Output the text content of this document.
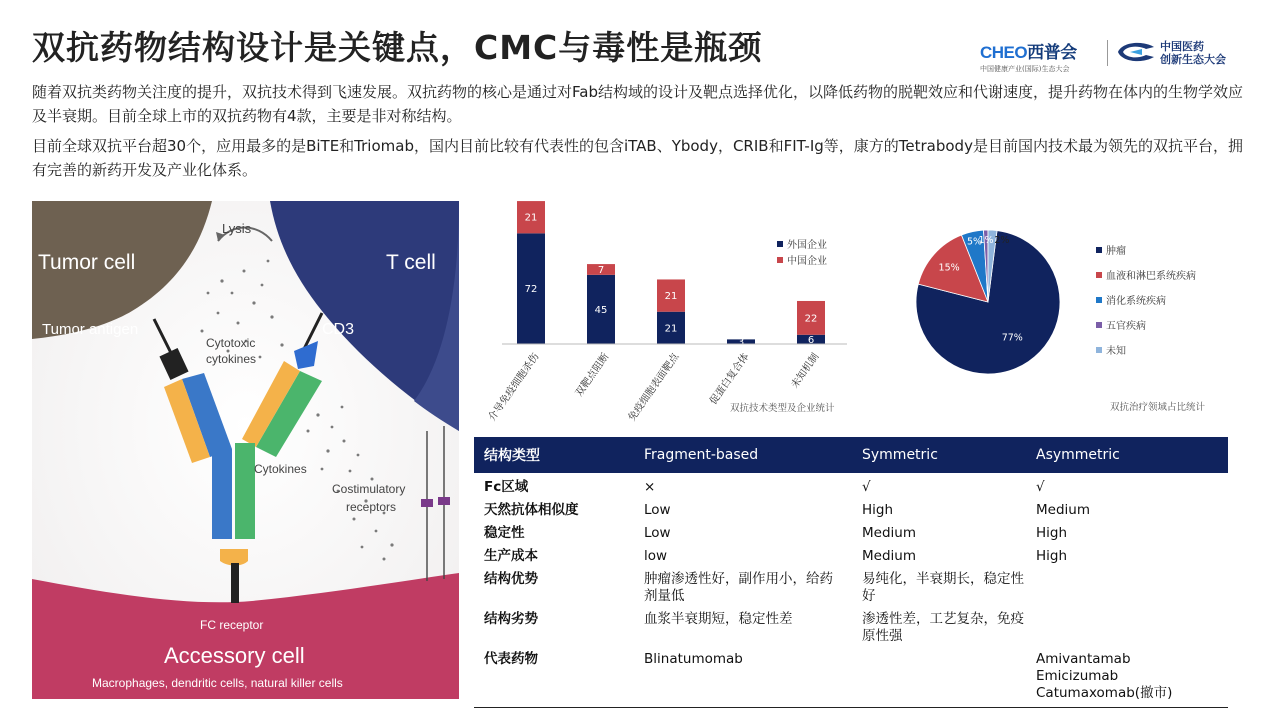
双抗药物结构设计是关键点，CMC与毒性是瓶颈	CHEO西普会
中国健康产业(国际)生态大会
中国医药
创新生态大会
随着双抗类药物关注度的提升，双抗技术得到飞速发展。双抗药物的核心是通过对Fab结构域的设计及靶点选择优化，以降低药物的脱靶效应和代谢速度，提升药物在体内的生物学效应及半衰期。目前全球上市的双抗药物有4款，主要是非对称结构。
目前全球双抗平台超30个，应用最多的是BiTE和Triomab，国内目前比较有代表性的包含iTAB、Ybody，CRIB和FIT-Ig等，康方的Tetrabody是目前国内技术最为领先的双抗平台，拥有完善的新药开发及产业化体系。
Tumor cell	T cell
Lysis
Tumor antigen	CD3
Cytotoxic
cytokines
Cytokines
Costimulatory
receptors
FC receptor
Accessory cell
Macrophages, dendritic cells, natural killer cells
72
21
45
7
21
21
3	6
22
介导免疫细胞杀伤	双靶点阻断 免疫细胞表面靶点	促蛋白复合体	未知机制
外国企业
中国企业
双抗技术类型及企业统计
77%
15%
5%
1% 2%
肿瘤
血液和淋巴系统疾病
消化系统疾病
五官疾病
未知
双抗治疗领域占比统计
结构类型	Fragment-based	Symmetric	Asymmetric
Fc区域	×	√	√
天然抗体相似度	Low	High	Medium
稳定性	Low	Medium	High
生产成本	low	Medium	High
结构优势	肿瘤渗透性好，副作用小，给药剂量低	易纯化，半衰期长，稳定性好	
结构劣势	血浆半衰期短，稳定性差	渗透性差，工艺复杂，免疫原性强	
代表药物	Blinatumomab		Amivantamab
Emicizumab
Catumaxomab(撤市)
